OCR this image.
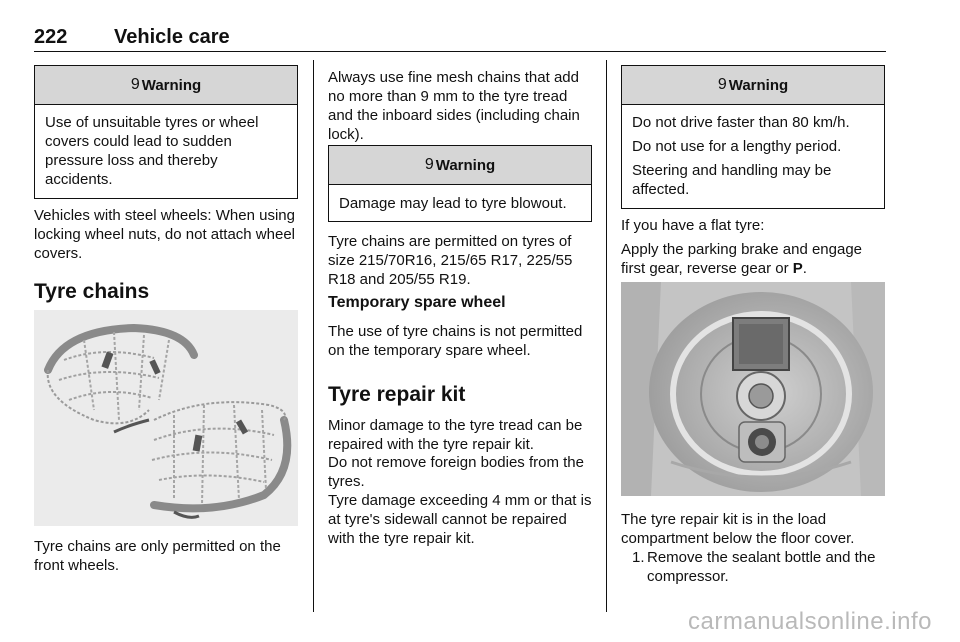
222 Vehicle care
9 Warning

Use of unsuitable tyres or wheel covers could lead to sudden pressure loss and thereby accidents.

Vehicles with steel wheels: When using locking wheel nuts, do not attach wheel covers.

Tyre chains

Tyre chains are only permitted on the front wheels.

Always use fine mesh chains that add no more than 9 mm to the tyre tread and the inboard sides (including chain lock).

9 Warning

Damage may lead to tyre blowout.

Tyre chains are permitted on tyres of size 215/70R16, 215/65 R17, 225/55 R18 and 205/55 R19.

Temporary spare wheel

The use of tyre chains is not permitted on the temporary spare wheel.

Tyre repair kit

Minor damage to the tyre tread can be repaired with the tyre repair kit.

Do not remove foreign bodies from the tyres.

Tyre damage exceeding 4 mm or that is at tyre's sidewall cannot be repaired with the tyre repair kit.

9 Warning

Do not drive faster than 80 km/h.

Do not use for a lengthy period.

Steering and handling may be affected.

If you have a flat tyre:

Apply the parking brake and engage first gear, reverse gear or P.

The tyre repair kit is in the load compartment below the floor cover.

1. Remove the sealant bottle and the compressor.

carmanualsonline.info
